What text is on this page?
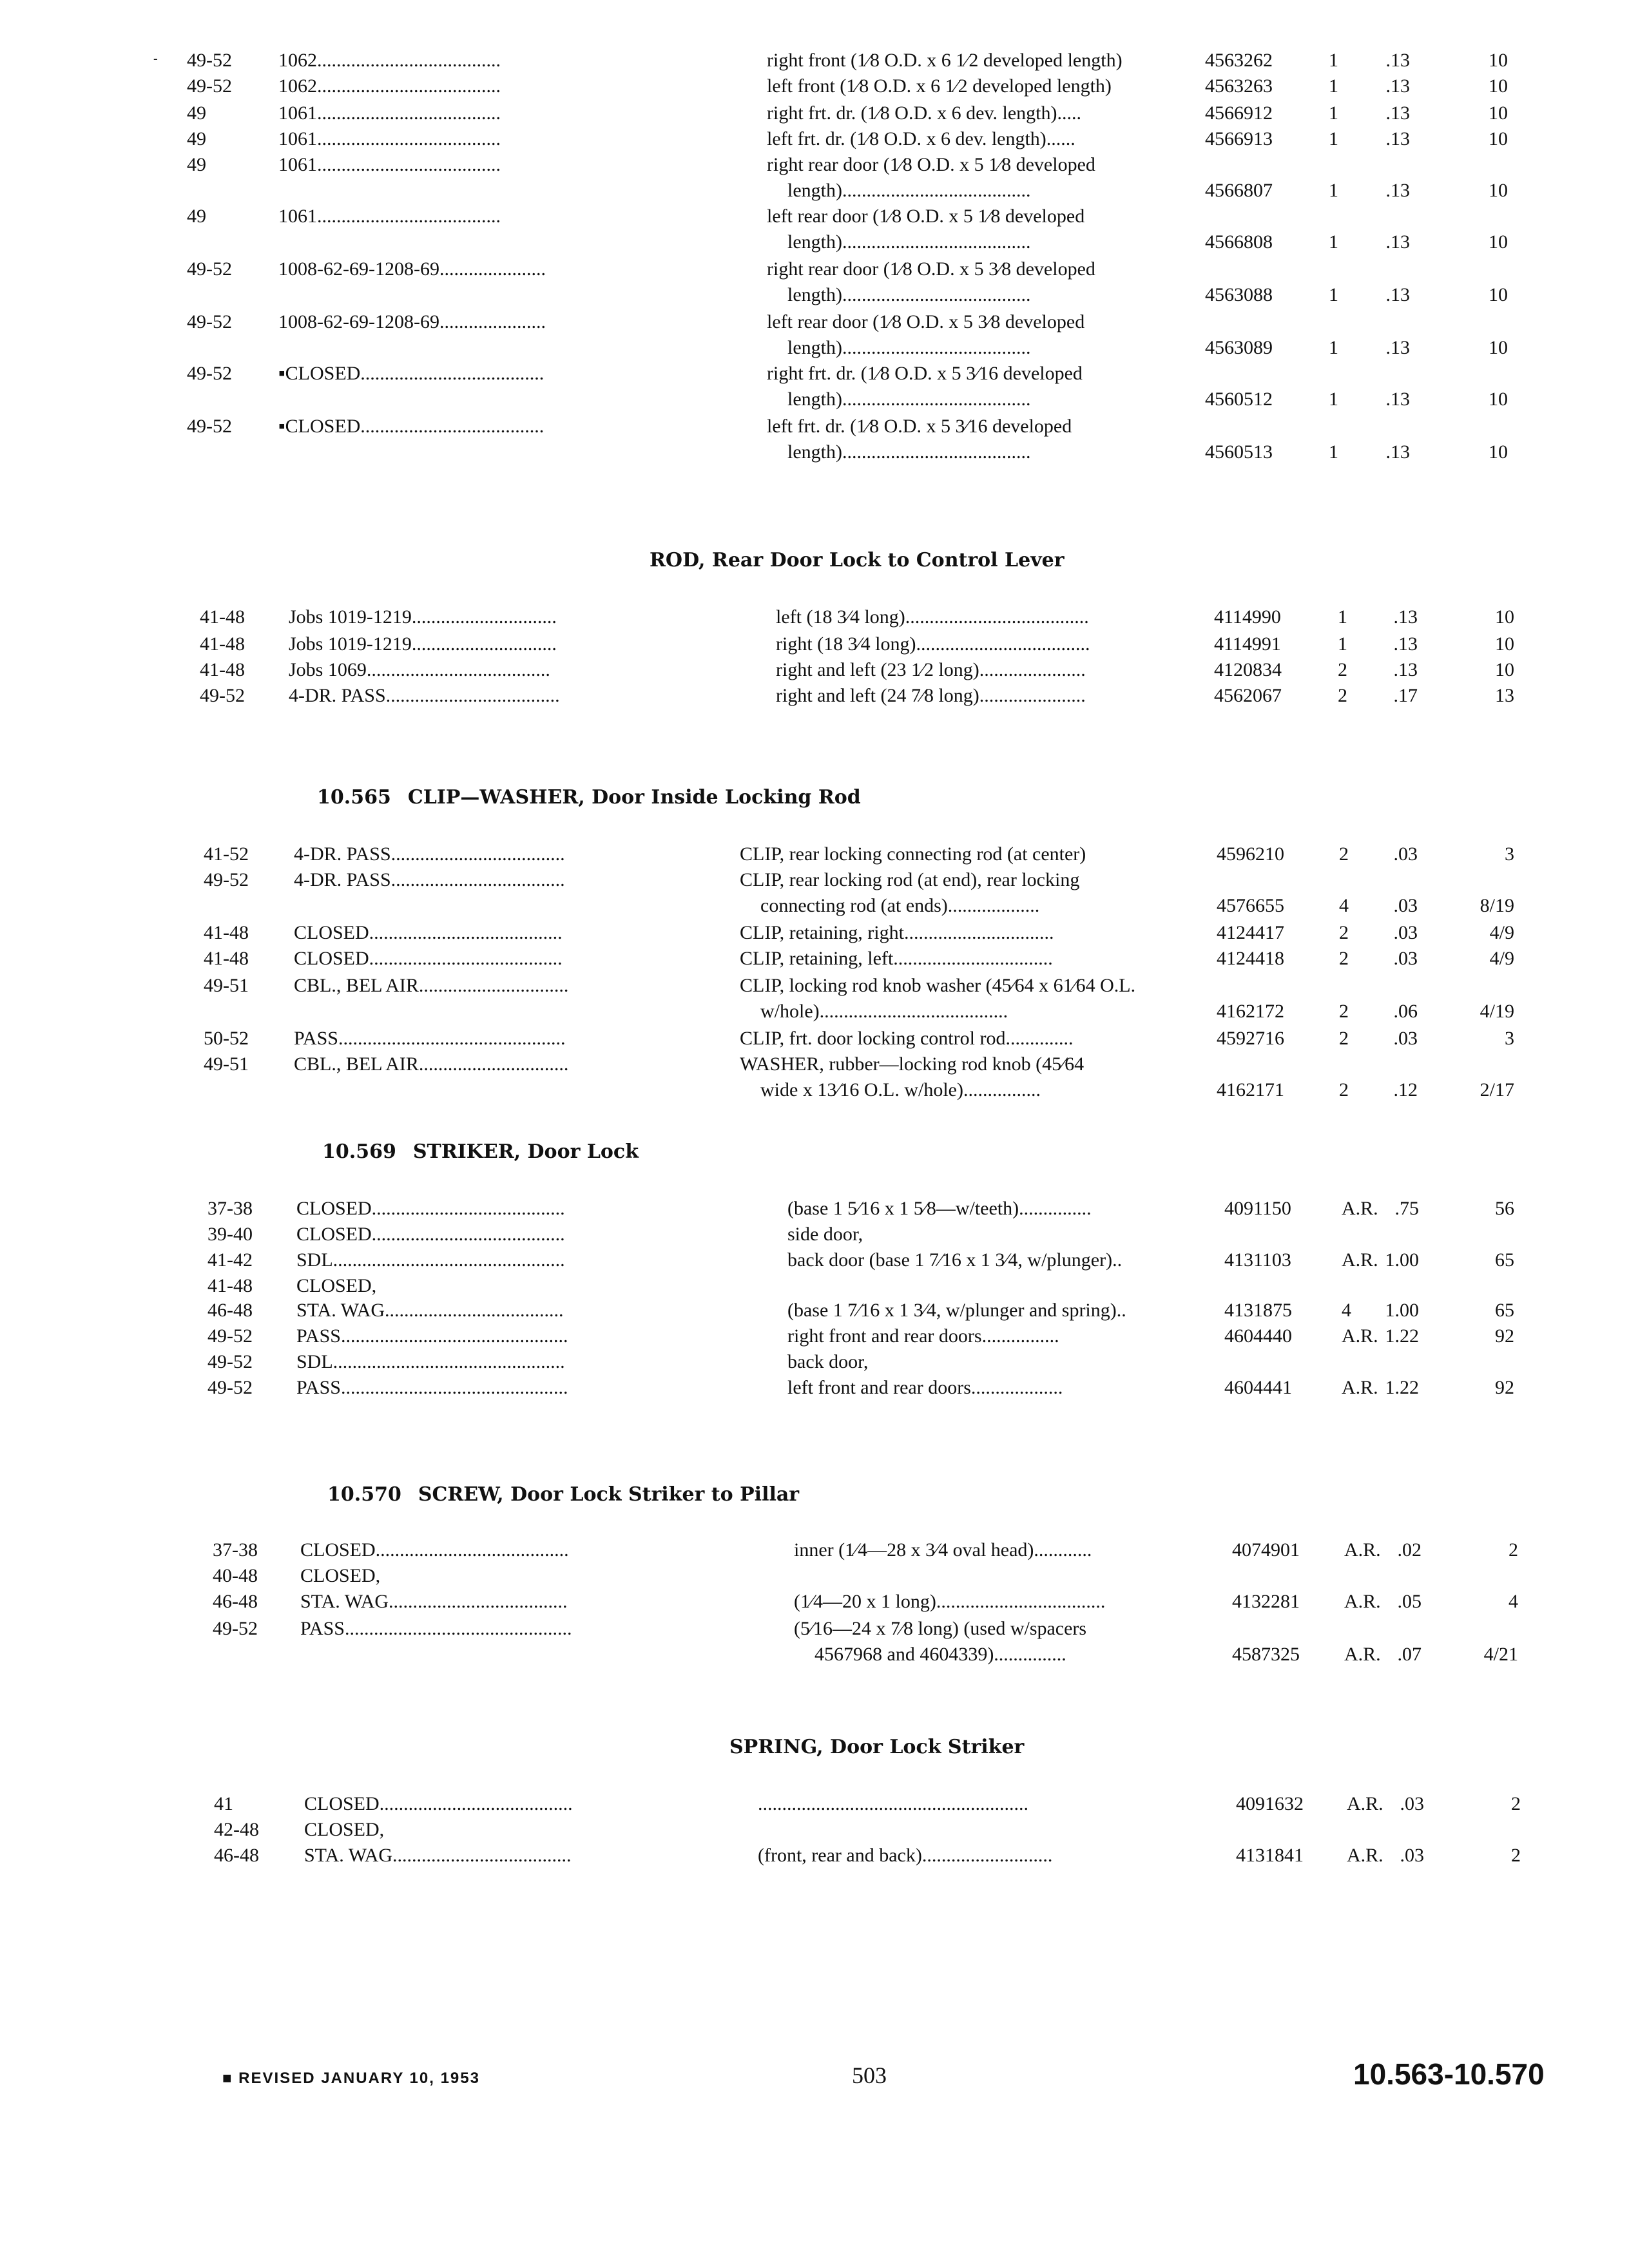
- 49-52 1062......................................	right front (1⁄8 O.D. x 6 1⁄2 developed length)	4563262	1	.13	10
49-52 1062......................................	left front (1⁄8 O.D. x 6 1⁄2 developed length)	4563263	1	.13	10
49	1061......................................	right frt. dr. (1⁄8 O.D. x 6 dev. length).....	4566912	1	.13	10
49	1061......................................	left frt. dr. (1⁄8 O.D. x 6 dev. length)......	4566913	1	.13	10
49	1061......................................	right rear door (1⁄8 O.D. x 5 1⁄8 developed
length).......................................	4566807	1	.13	10
49	1061......................................	left rear door (1⁄8 O.D. x 5 1⁄8 developed
length).......................................	4566808	1	.13	10
49-52 1008-62-69-1208-69......................	right rear door (1⁄8 O.D. x 5 3⁄8 developed
length).......................................	4563088	1	.13	10
49-52 1008-62-69-1208-69......................	left rear door (1⁄8 O.D. x 5 3⁄8 developed
length).......................................	4563089	1	.13	10
49-52 ▪CLOSED......................................	right frt. dr. (1⁄8 O.D. x 5 3⁄16 developed
length).......................................	4560512	1	.13	10
49-52 ▪CLOSED......................................	left frt. dr. (1⁄8 O.D. x 5 3⁄16 developed
length).......................................	4560513	1	.13	10
ROD, Rear Door Lock to Control Lever
41-48 Jobs 1019-1219..............................	left (18 3⁄4 long)......................................	4114990	1	.13	10
41-48 Jobs 1019-1219..............................	right (18 3⁄4 long)....................................	4114991	1	.13	10
41-48 Jobs 1069......................................	right and left (23 1⁄2 long)......................	4120834	2	.13	10
49-52 4-DR. PASS....................................	right and left (24 7⁄8 long)......................	4562067	2	.17	13
10.565 CLIP—WASHER, Door Inside Locking Rod
41-52 4-DR. PASS....................................	CLIP, rear locking connecting rod (at center)	4596210	2	.03	3
49-52 4-DR. PASS....................................	CLIP, rear locking rod (at end), rear locking
connecting rod (at ends)...................	4576655	4	.03	8/19
41-48 CLOSED........................................	CLIP, retaining, right...............................	4124417	2	.03	4/9
41-48 CLOSED........................................	CLIP, retaining, left.................................	4124418	2	.03	4/9
49-51 CBL., BEL AIR...............................	CLIP, locking rod knob washer (45⁄64 x 61⁄64 O.L.
w/hole).......................................	4162172	2	.06	4/19
50-52 PASS...............................................	CLIP, frt. door locking control rod..............	4592716	2	.03	3
49-51 CBL., BEL AIR...............................	WASHER, rubber—locking rod knob (45⁄64
wide x 13⁄16 O.L. w/hole)................	4162171	2	.12	2/17
10.569 STRIKER, Door Lock
37-38 CLOSED........................................	(base 1 5⁄16 x 1 5⁄8—w/teeth)...............	4091150	A.R. .75	56
39-40 CLOSED........................................	side door,
41-42 SDL................................................	back door (base 1 7⁄16 x 1 3⁄4, w/plunger)..	4131103	A.R. 1.00	65
41-48 CLOSED,
46-48 STA. WAG.....................................	(base 1 7⁄16 x 1 3⁄4, w/plunger and spring)..	4131875	4	1.00	65
49-52 PASS...............................................	right front and rear doors................	4604440	A.R. 1.22	92
49-52 SDL................................................	back door,
49-52 PASS...............................................	left front and rear doors...................	4604441	A.R. 1.22	92
10.570 SCREW, Door Lock Striker to Pillar
37-38 CLOSED........................................	inner (1⁄4—28 x 3⁄4 oval head)............	4074901 A.R. .02	2
40-48 CLOSED,
46-48 STA. WAG.....................................	(1⁄4—20 x 1 long)...................................	4132281 A.R. .05	4
49-52 PASS...............................................	(5⁄16—24 x 7⁄8 long) (used w/spacers
4567968 and 4604339)...............	4587325 A.R. .07	4/21
SPRING, Door Lock Striker
41	CLOSED........................................	........................................................	4091632 A.R. .03	2
42-48 CLOSED,
46-48 STA. WAG.....................................	(front, rear and back)...........................	4131841 A.R. .03	2
■ REVISED JANUARY 10, 1953	503	10.563-10.570
